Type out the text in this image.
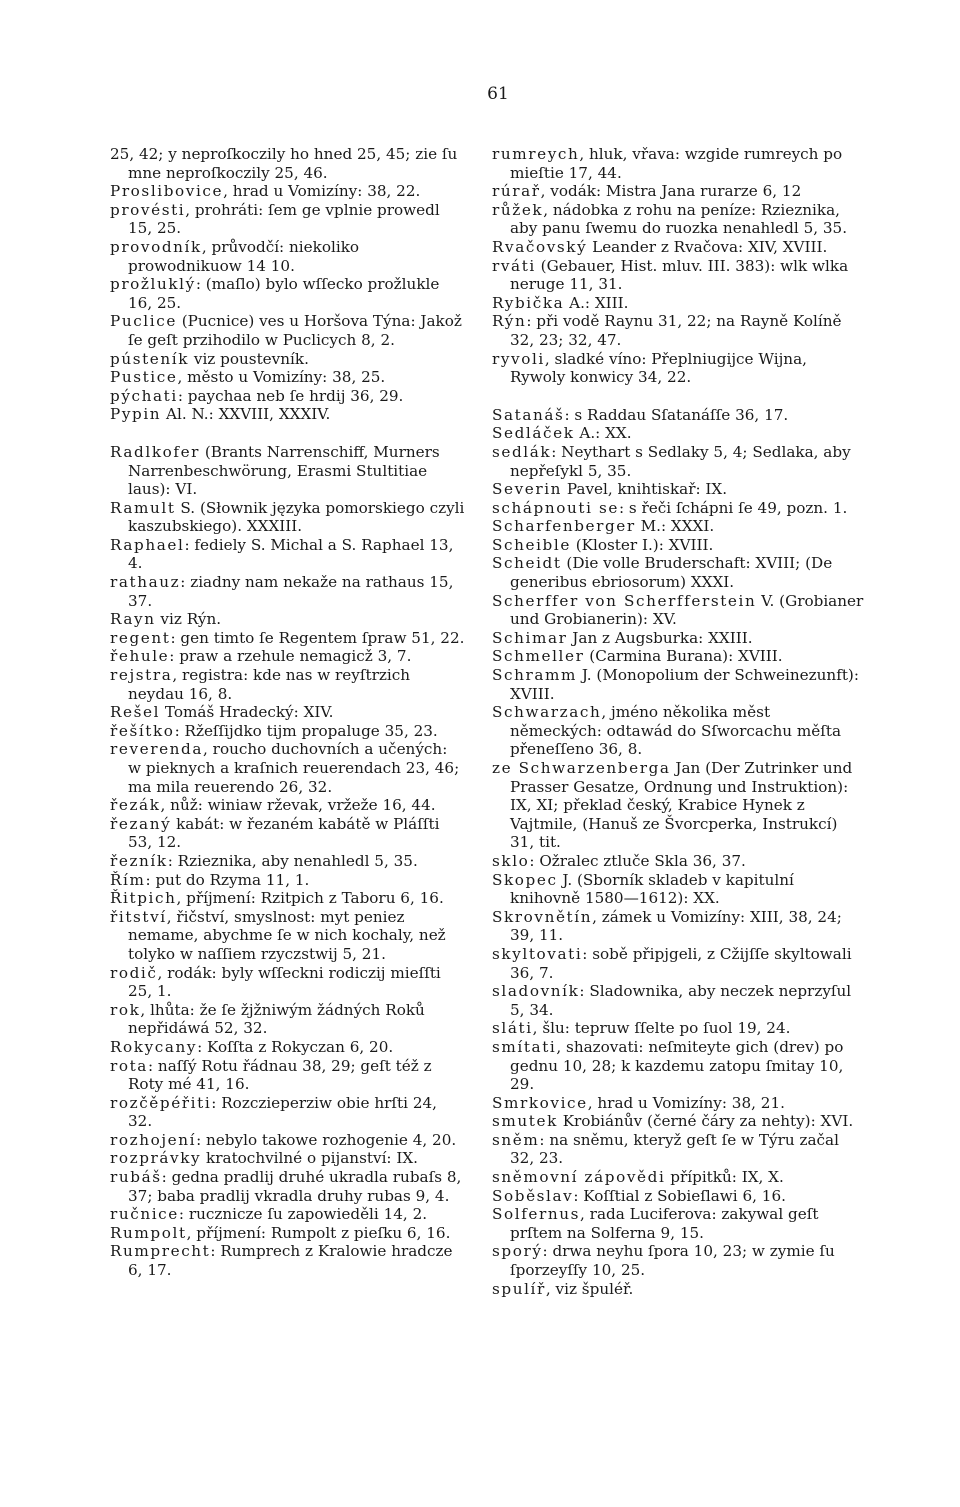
61

25, 42; y neproſkoczily ho hned 25, 45; zie ſu mne neproſkoczily 25, 46.

Proslibovice, hrad u Vomizíny: 38, 22.

provésti, prohráti: ſem ge vplnie prowedl 15, 25.

provodník, průvodčí: niekoliko prowodnikuow 14 10.

prožluklý: (maſlo) bylo wſſecko prožlukle 16, 25.

Puclice (Pucnice) ves u Horšova Týna: Jakož ſe geſt przihodilo w Puclicych 8, 2.

pústeník viz poustevník.

Pustice, město u Vomizíny: 38, 25.

pýchati: paychaa neb ſe hrdij 36, 29.

Pypin Al. N.: XXVIII, XXXIV.

Radlkofer (Brants Narrenschiff, Murners Narrenbeschwörung, Erasmi Stultitiae laus): VI.

Ramult S. (Słownik języka pomorskiego czyli kaszubskiego). XXXIII.

Raphael: fediely S. Michal a S. Raphael 13, 4.

rathauz: ziadny nam nekaže na rathaus 15, 37.

Rayn viz Rýn.

regent: gen timto ſe Regentem ſpraw 51, 22.

řehule: praw a rzehule nemagicž 3, 7.

rejstra, registra: kde nas w reyſtrzich neydau 16, 8.

Rešel Tomáš Hradecký: XIV.

řešítko: Ržeſſijdko tijm propaluge 35, 23.

reverenda, roucho duchovních a učených: w pieknych a kraſnich reuerendach 23, 46; ma mila reuerendo 26, 32.

řezák, nůž: winiaw rževak, vržeže 16, 44.

řezaný kabát: w řezaném kabátě w Pláſſti 53, 12.

řezník: Rzieznika, aby nenahledl 5, 35.

Řím: put do Rzyma 11, 1.

Řitpich, příjmení: Rzitpich z Taboru 6, 16.

řitství, řičství, smyslnost: myt peniez nemame, abychme ſe w nich kochaly, než tolyko w naſſiem rzyczstwij 5, 21.

rodič, rodák: byly wſſeckni rodiczij mieſſti 25, 1.

rok, lhůta: že ſe žjžniwým žádných Roků nepřidáwá 52, 32.

Rokycany: Koſſta z Rokyczan 6, 20.

rota: naſſý Rotu řádnau 38, 29; geſt též z Roty mé 41, 16.

rozčěpéřiti: Rozczieperziw obie hrſti 24, 32.

rozhojení: nebylo takowe rozhogenie 4, 20.

rozprávky kratochvilné o pijanství: IX.

rubáš: gedna pradlij druhé ukradla rubaſs 8, 37; baba pradlij vkradla druhy rubas 9, 4.

ručnice: rucznicze ſu zapowieděli 14, 2.

Rumpolt, příjmení: Rumpolt z pieſku 6, 16.

Rumprecht: Rumprech z Kralowie hradcze 6, 17.

rumreych, hluk, vřava: wzgide rumreych po mieſtie 17, 44.

rúrař, vodák: Mistra Jana rurarze 6, 12

růžek, nádobka z rohu na peníze: Rzieznika, aby panu ſwemu do ruozka nenahledl 5, 35.

Rvačovský Leander z Rvačova: XIV, XVIII.

rváti (Gebauer, Hist. mluv. III. 383): wlk wlka neruge 11, 31.

Rybička A.: XIII.

Rýn: při vodě Raynu 31, 22; na Rayně Kolíně 32, 23; 32, 47.

ryvoli, sladké víno: Přeplniugijce Wijna, Rywoly konwicy 34, 22.

Satanáš: s Raddau Sſatanáſſe 36, 17.

Sedláček A.: XX.

sedlák: Neythart s Sedlaky 5, 4; Sedlaka, aby nepřeſykl 5, 35.

Severin Pavel, knihtiskař: IX.

schápnouti se: s řeči ſchápni ſe 49, pozn. 1.

Scharfenberger M.: XXXI.

Scheible (Kloster I.): XVIII.

Scheidt (Die volle Bruderschaft: XVIII; (De generibus ebriosorum) XXXI.

Scherffer von Scherfferstein V. (Grobianer und Grobianerin): XV.

Schimar Jan z Augsburka: XXIII.

Schmeller (Carmina Burana): XVIII.

Schramm J. (Monopolium der Schweinezunft): XVIII.

Schwarzach, jméno několika měst německých: odtawád do Sſworcachu měſta přeneſſeno 36, 8.

ze Schwarzenberga Jan (Der Zutrinker und Prasser Gesatze, Ordnung und Instruktion): IX, XI; překlad český, Krabice Hynek z Vajtmile, (Hanuš ze Švorcperka, Instrukcí) 31, tit.

sklo: Ožralec ztluče Skla 36, 37.

Skopec J. (Sborník skladeb v kapitulní knihovně 1580—1612): XX.

Skrovnětín, zámek u Vomizíny: XIII, 38, 24; 39, 11.

skyltovati: sobě připjgeli, z Cžijſſe skyltowali 36, 7.

sladovník: Sladownika, aby neczek neprzyſul 5, 34.

sláti, šlu: tepruw ſſelte po ſuol 19, 24.

smítati, shazovati: neſmiteyte gich (drev) po gednu 10, 28; k kazdemu zatopu ſmitay 10, 29.

Smrkovice, hrad u Vomizíny: 38, 21.

smutek Krobiánův (černé čáry za nehty): XVI.

sněm: na sněmu, kteryž geſt ſe w Týru začal 32, 23.

sněmovní zápovědi přípitků: IX, X.

Soběslav: Koſſtial z Sobieſlawi 6, 16.

Solfernus, rada Luciferova: zakywal geſt prſtem na Solferna 9, 15.

sporý: drwa neyhu ſpora 10, 23; w zymie ſu ſporzeyſſy 10, 25.

spulíř, viz špuléř.
